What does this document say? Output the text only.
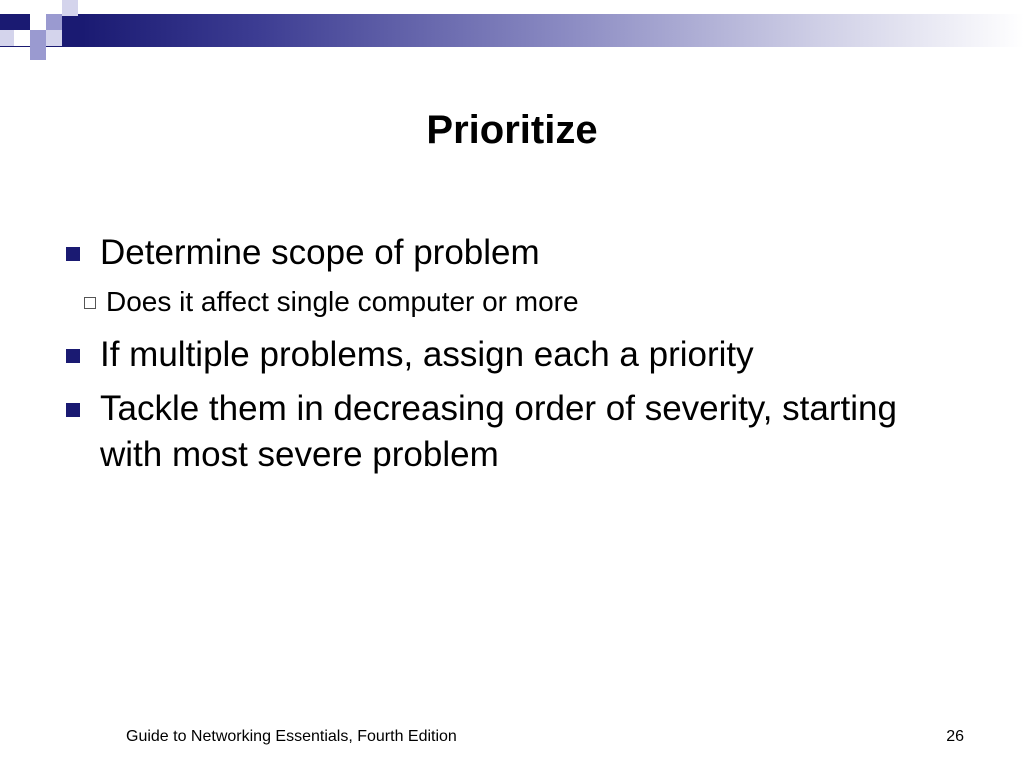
Prioritize
Determine scope of problem
Does it affect single computer or more
If multiple problems, assign each a priority
Tackle them in decreasing order of severity, starting with most severe problem
Guide to Networking Essentials, Fourth Edition	26
